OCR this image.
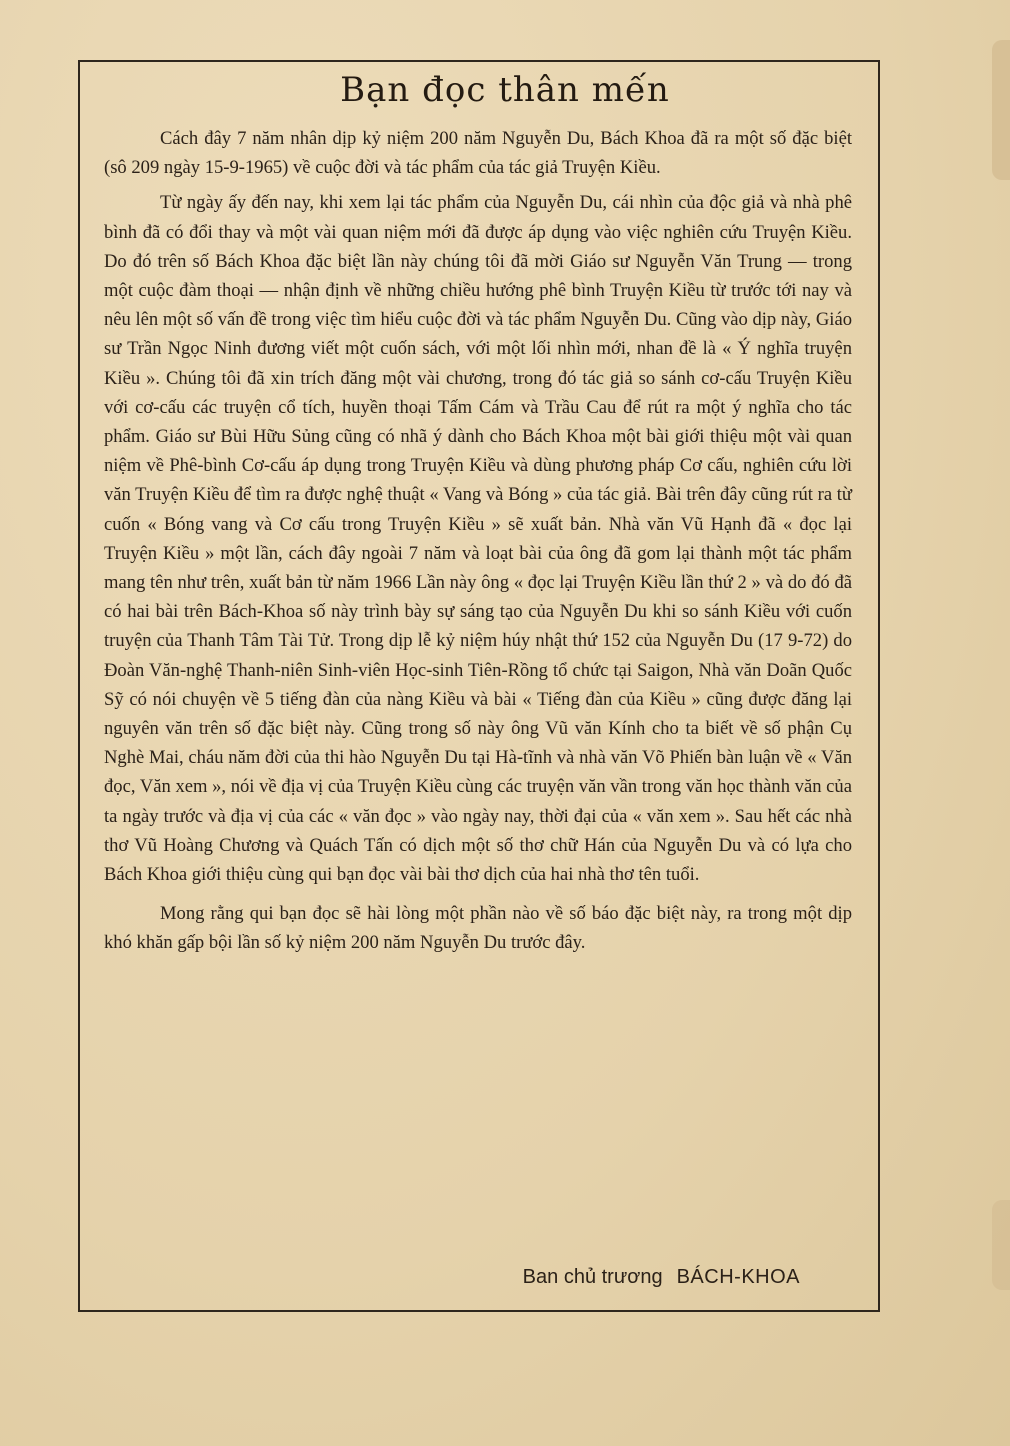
Bạn đọc thân mến

Cách đây 7 năm nhân dịp kỷ niệm 200 năm Nguyễn Du, Bách Khoa đã ra một số đặc biệt (sô 209 ngày 15-9-1965) về cuộc đời và tác phẩm của tác giả Truyện Kiều.

Từ ngày ấy đến nay, khi xem lại tác phẩm của Nguyễn Du, cái nhìn của độc giả và nhà phê bình đã có đổi thay và một vài quan niệm mới đã được áp dụng vào việc nghiên cứu Truyện Kiều. Do đó trên số Bách Khoa đặc biệt lần này chúng tôi đã mời Giáo sư Nguyễn Văn Trung — trong một cuộc đàm thoại — nhận định về những chiều hướng phê bình Truyện Kiều từ trước tới nay và nêu lên một số vấn đề trong việc tìm hiểu cuộc đời và tác phẩm Nguyễn Du. Cũng vào dịp này, Giáo sư Trần Ngọc Ninh đương viết một cuốn sách, với một lối nhìn mới, nhan đề là « Ý nghĩa truyện Kiều ». Chúng tôi đã xin trích đăng một vài chương, trong đó tác giả so sánh cơ-cấu Truyện Kiều với cơ-cấu các truyện cổ tích, huyền thoại Tấm Cám và Trầu Cau để rút ra một ý nghĩa cho tác phẩm. Giáo sư Bùi Hữu Sủng cũng có nhã ý dành cho Bách Khoa một bài giới thiệu một vài quan niệm về Phê-bình Cơ-cấu áp dụng trong Truyện Kiều và dùng phương pháp Cơ cấu, nghiên cứu lời văn Truyện Kiều để tìm ra được nghệ thuật « Vang và Bóng » của tác giả. Bài trên đây cũng rút ra từ cuốn « Bóng vang và Cơ cấu trong Truyện Kiều » sẽ xuất bản. Nhà văn Vũ Hạnh đã « đọc lại Truyện Kiều » một lần, cách đây ngoài 7 năm và loạt bài của ông đã gom lại thành một tác phẩm mang tên như trên, xuất bản từ năm 1966 Lần này ông « đọc lại Truyện Kiều lần thứ 2 » và do đó đã có hai bài trên Bách-Khoa số này trình bày sự sáng tạo của Nguyễn Du khi so sánh Kiều với cuốn truyện của Thanh Tâm Tài Tử. Trong dịp lễ kỷ niệm húy nhật thứ 152 của Nguyễn Du (17 9-72) do Đoàn Văn-nghệ Thanh-niên Sinh-viên Học-sinh Tiên-Rồng tổ chức tại Saigon, Nhà văn Doãn Quốc Sỹ có nói chuyện về 5 tiếng đàn của nàng Kiều và bài « Tiếng đàn của Kiều » cũng được đăng lại nguyên văn trên số đặc biệt này. Cũng trong số này ông Vũ văn Kính cho ta biết về số phận Cụ Nghè Mai, cháu năm đời của thi hào Nguyễn Du tại Hà-tĩnh và nhà văn Võ Phiến bàn luận về « Văn đọc, Văn xem », nói về địa vị của Truyện Kiều cùng các truyện văn vần trong văn học thành văn của ta ngày trước và địa vị của các « văn đọc » vào ngày nay, thời đại của « văn xem ». Sau hết các nhà thơ Vũ Hoàng Chương và Quách Tấn có dịch một số thơ chữ Hán của Nguyễn Du và có lựa cho Bách Khoa giới thiệu cùng qui bạn đọc vài bài thơ dịch của hai nhà thơ tên tuổi.

Mong rằng qui bạn đọc sẽ hài lòng một phần nào về số báo đặc biệt này, ra trong một dịp khó khăn gấp bội lần số kỷ niệm 200 năm Nguyễn Du trước đây.

Ban chủ trương BÁCH-KHOA
